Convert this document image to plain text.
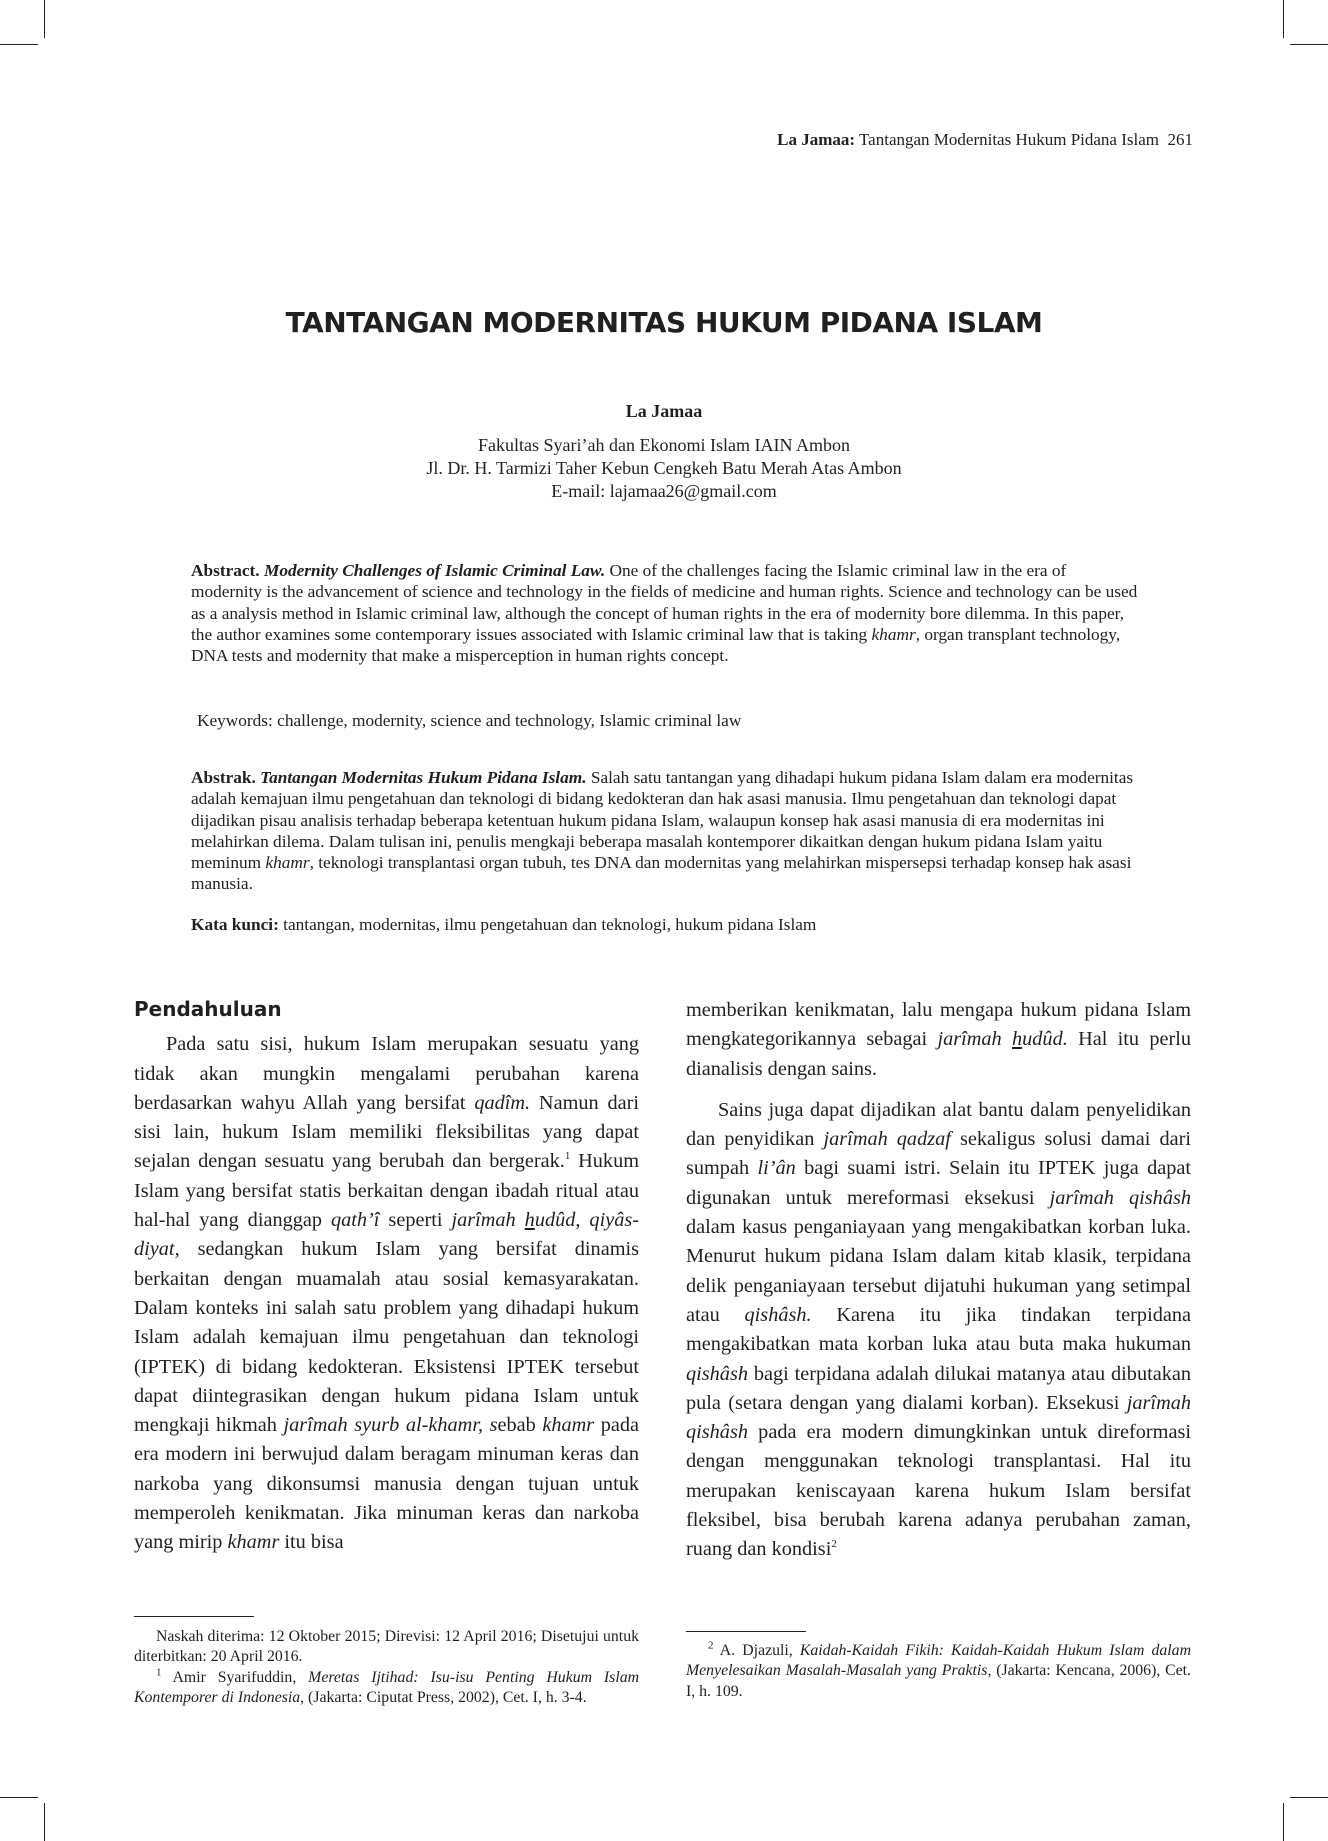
La Jamaa: Tantangan Modernitas Hukum Pidana Islam 261
TANTANGAN MODERNITAS HUKUM PIDANA ISLAM
La Jamaa
Fakultas Syari’ah dan Ekonomi Islam IAIN Ambon
Jl. Dr. H. Tarmizi Taher Kebun Cengkeh Batu Merah Atas Ambon
E-mail: lajamaa26@gmail.com

Abstract. Modernity Challenges of Islamic Criminal Law. One of the challenges facing the Islamic criminal law in the era of modernity is the advancement of science and technology in the fields of medicine and human rights. Science and technology can be used as a analysis method in Islamic criminal law, although the concept of human rights in the era of modernity bore dilemma. In this paper, the author examines some contemporary issues associated with Islamic criminal law that is taking khamr, organ transplant technology, DNA tests and modernity that make a misperception in human rights concept.

Keywords: challenge, modernity, science and technology, Islamic criminal law

Abstrak. Tantangan Modernitas Hukum Pidana Islam. Salah satu tantangan yang dihadapi hukum pidana Islam dalam era modernitas adalah kemajuan ilmu pengetahuan dan teknologi di bidang kedokteran dan hak asasi manusia. Ilmu pengetahuan dan teknologi dapat dijadikan pisau analisis terhadap beberapa ketentuan hukum pidana Islam, walaupun konsep hak asasi manusia di era modernitas ini melahirkan dilema. Dalam tulisan ini, penulis mengkaji beberapa masalah kontemporer dikaitkan dengan hukum pidana Islam yaitu meminum khamr, teknologi transplantasi organ tubuh, tes DNA dan modernitas yang melahirkan mispersepsi terhadap konsep hak asasi manusia.

Kata kunci: tantangan, modernitas, ilmu pengetahuan dan teknologi, hukum pidana Islam
Pendahuluan

Pada satu sisi, hukum Islam merupakan sesuatu yang tidak akan mungkin mengalami perubahan karena berdasarkan wahyu Allah yang bersifat qadîm. Namun dari sisi lain, hukum Islam memiliki fleksibilitas yang dapat sejalan dengan sesuatu yang berubah dan bergerak.$^1$ Hukum Islam yang bersifat statis berkaitan dengan ibadah ritual atau hal-hal yang dianggap qath’î seperti jarîmah hudûd, qiyâs-diyat, sedangkan hukum Islam yang bersifat dinamis berkaitan dengan muamalah atau sosial kemasyarakatan. Dalam konteks ini salah satu problem yang dihadapi hukum Islam adalah kemajuan ilmu pengetahuan dan teknologi (IPTEK) di bidang kedokteran. Eksistensi IPTEK tersebut dapat diintegrasikan dengan hukum pidana Islam untuk mengkaji hikmah jarîmah syurb al-khamr, sebab khamr pada era modern ini berwujud dalam beragam minuman keras dan narkoba yang dikonsumsi manusia dengan tujuan untuk memperoleh kenikmatan. Jika minuman keras dan narkoba yang mirip khamr itu bisa

memberikan kenikmatan, lalu mengapa hukum pidana Islam mengkategorikannya sebagai jarîmah hudûd. Hal itu perlu dianalisis dengan sains.

Sains juga dapat dijadikan alat bantu dalam penyelidikan dan penyidikan jarîmah qadzaf sekaligus solusi damai dari sumpah li’ân bagi suami istri. Selain itu IPTEK juga dapat digunakan untuk mereformasi eksekusi jarîmah qishâsh dalam kasus penganiayaan yang mengakibatkan korban luka. Menurut hukum pidana Islam dalam kitab klasik, terpidana delik penganiayaan tersebut dijatuhi hukuman yang setimpal atau qishâsh. Karena itu jika tindakan terpidana mengakibatkan mata korban luka atau buta maka hukuman qishâsh bagi terpidana adalah dilukai matanya atau dibutakan pula (setara dengan yang dialami korban). Eksekusi jarîmah qishâsh pada era modern dimungkinkan untuk direformasi dengan menggunakan teknologi transplantasi. Hal itu merupakan keniscayaan karena hukum Islam bersifat fleksibel, bisa berubah karena adanya perubahan zaman, ruang dan kondisi$^2$

Naskah diterima: 12 Oktober 2015; Direvisi: 12 April 2016; Disetujui untuk diterbitkan: 20 April 2016.

$^1$ Amir Syarifuddin, Meretas Ijtihad: Isu-isu Penting Hukum Islam Kontemporer di Indonesia, (Jakarta: Ciputat Press, 2002), Cet. I, h. 3-4.

$^2$ A. Djazuli, Kaidah-Kaidah Fikih: Kaidah-Kaidah Hukum Islam dalam Menyelesaikan Masalah-Masalah yang Praktis, (Jakarta: Kencana, 2006), Cet. I, h. 109.
